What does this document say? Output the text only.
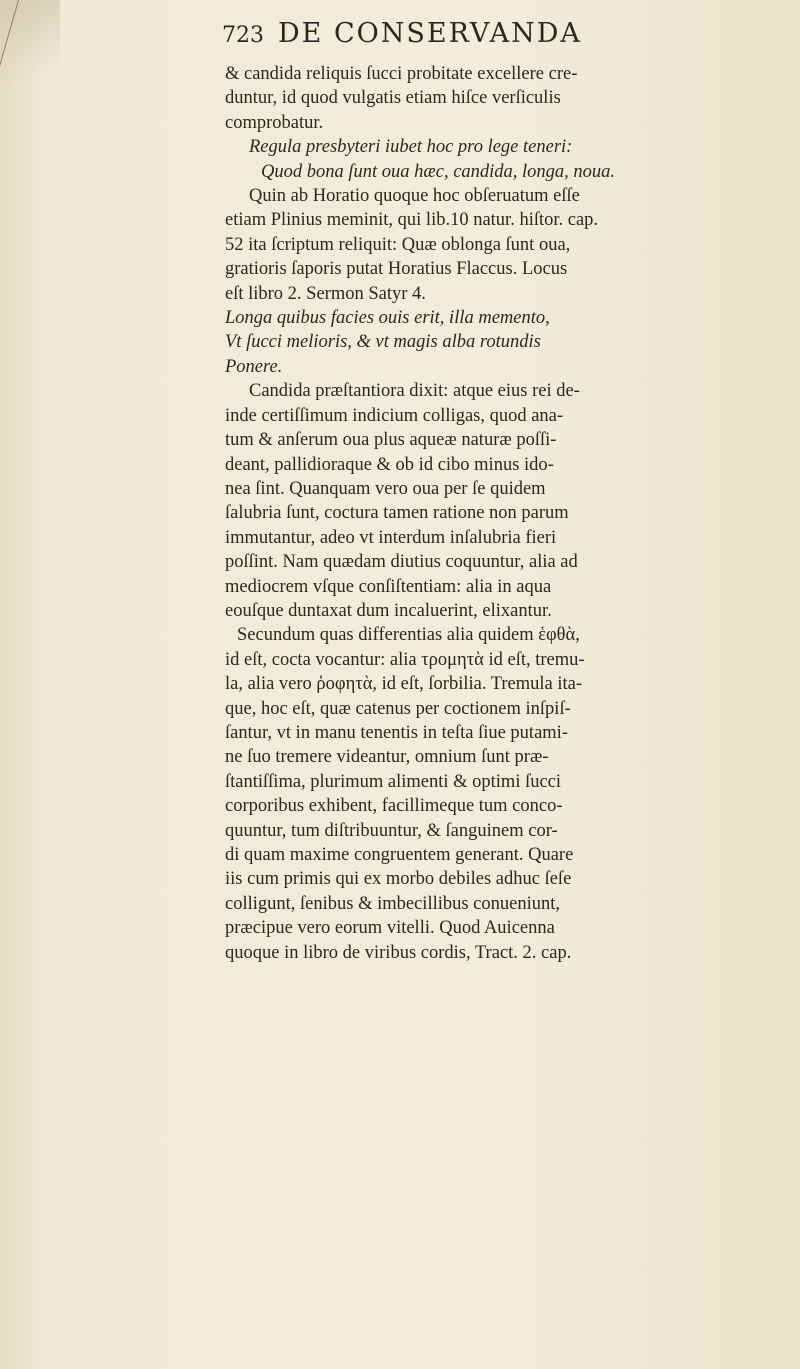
723 DE CONSERVANDA
& candida reliquis ſucci probitate excellere cre-
duntur, id quod vulgatis etiam hiſce verſiculis
comprobatur.
Regula presbyteri iubet hoc pro lege teneri:
Quod bona ſunt oua hæc, candida, longa, noua.
Quin ab Horatio quoque hoc obſeruatum eſſe
etiam Plinius meminit, qui lib.10 natur. hiſtor. cap.
52 ita ſcriptum reliquit: Quæ oblonga ſunt oua,
gratioris ſaporis putat Horatius Flaccus. Locus
eſt libro 2. Sermon Satyr 4.
Longa quibus facies ouis erit, illa memento,
Vt ſucci melioris, & vt magis alba rotundis
Ponere.
Candida præſtantiora dixit: atque eius rei de-
inde certiſſimum indicium colligas, quod ana-
tum & anſerum oua plus aqueæ naturæ poſſi-
deant, pallidioraque & ob id cibo minus ido-
nea ſint. Quanquam vero oua per ſe quidem
ſalubria ſunt, coctura tamen ratione non parum
immutantur, adeo vt interdum inſalubria fieri
poſſint. Nam quædam diutius coquuntur, alia ad
mediocrem vſque conſiſtentiam: alia in aqua
eouſque duntaxat dum incaluerint, elixantur.
Secundum quas differentias alia quidem ἑφθὰ,
id eſt, cocta vocantur: alia τρομητὰ id eſt, tremu-
la, alia vero ῥοφητὰ, id eſt, ſorbilia. Tremula ita-
que, hoc eſt, quæ catenus per coctionem inſpiſ-
ſantur, vt in manu tenentis in teſta ſiue putami-
ne ſuo tremere videantur, omnium ſunt præ-
ſtantiſſima, plurimum alimenti & optimi ſucci
corporibus exhibent, facillimeque tum conco-
quuntur, tum diſtribuuntur, & ſanguinem cor-
di quam maxime congruentem generant. Quare
iis cum primis qui ex morbo debiles adhuc ſeſe
colligunt, ſenibus & imbecillibus conueniunt,
præcipue vero eorum vitelli. Quod Auicenna
quoque in libro de viribus cordis, Tract. 2. cap.
